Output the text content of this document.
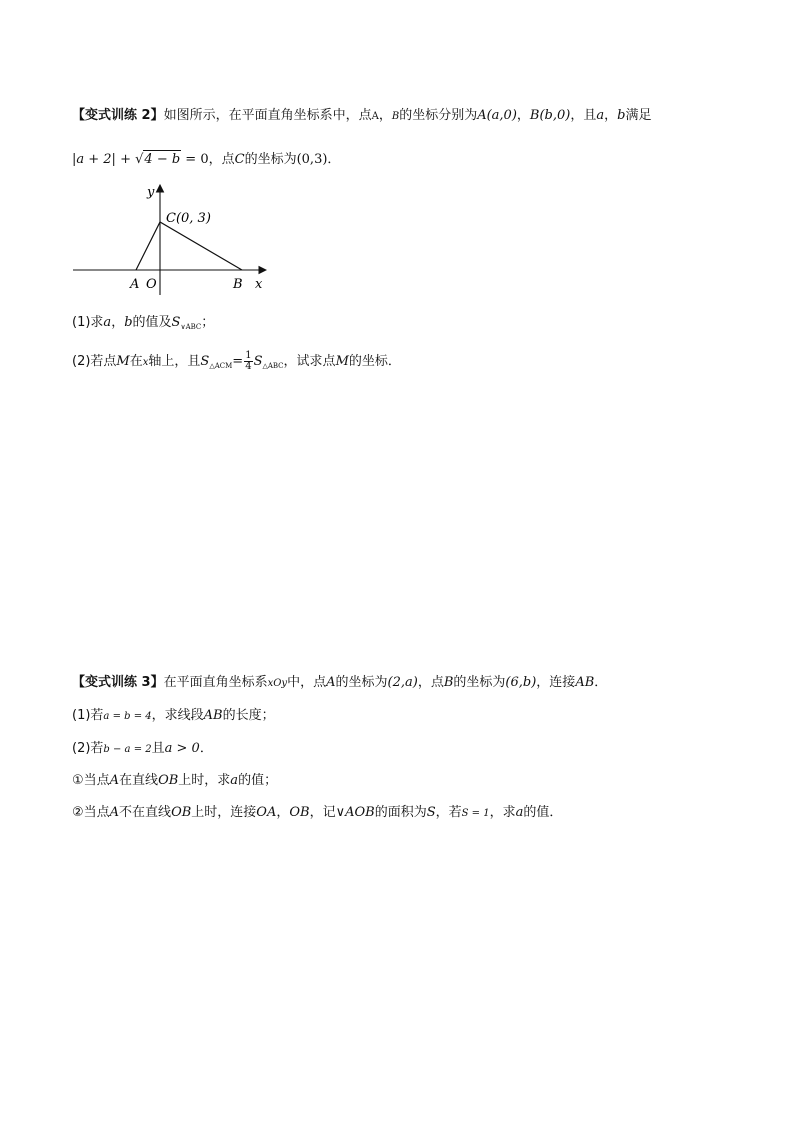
【变式训练 2】如图所示，在平面直角坐标系中，点A，B的坐标分别为A(a,0)，B(b,0)，且a，b满足
|a + 2| + √4 − b = 0，点C的坐标为(0,3)．
y
C(0, 3)
A O	B x
(1)求a，b的值及$S_{\vee ABC}$；
(2)若点M在x轴上，且$S_{\triangle ACM}= \frac{1}{4} S_{\triangle ABC}$，试求点M的坐标．
【变式训练 3】在平面直角坐标系xOy中，点A的坐标为(2,a)，点B的坐标为(6,b)，连接AB．
(1)若a = b = 4，求线段AB的长度；
(2)若b − a = 2且a > 0．
①当点A在直线OB上时，求a的值；
②当点A不在直线OB上时，连接OA，OB，记∨AOB的面积为S，若S = 1，求a的值．
